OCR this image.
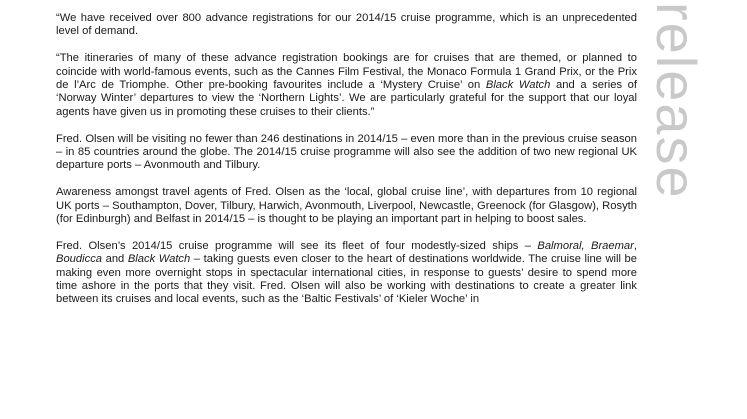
release

“We have received over 800 advance registrations for our 2014/15 cruise programme, which is an unprecedented level of demand.

“The itineraries of many of these advance registration bookings are for cruises that are themed, or planned to coincide with world-famous events, such as the Cannes Film Festival, the Monaco Formula 1 Grand Prix, or the Prix de l’Arc de Triomphe. Other pre-booking favourites include a ‘Mystery Cruise’ on Black Watch and a series of ‘Norway Winter’ departures to view the ‘Northern Lights’. We are particularly grateful for the support that our loyal agents have given us in promoting these cruises to their clients.”

Fred. Olsen will be visiting no fewer than 246 destinations in 2014/15 – even more than in the previous cruise season – in 85 countries around the globe. The 2014/15 cruise programme will also see the addition of two new regional UK departure ports – Avonmouth and Tilbury.

Awareness amongst travel agents of Fred. Olsen as the ‘local, global cruise line’, with departures from 10 regional UK ports – Southampton, Dover, Tilbury, Harwich, Avonmouth, Liverpool, Newcastle, Greenock (for Glasgow), Rosyth (for Edinburgh) and Belfast in 2014/15 – is thought to be playing an important part in helping to boost sales.

Fred. Olsen’s 2014/15 cruise programme will see its fleet of four modestly-sized ships – Balmoral, Braemar, Boudicca and Black Watch – taking guests even closer to the heart of destinations worldwide. The cruise line will be making even more overnight stops in spectacular international cities, in response to guests’ desire to spend more time ashore in the ports that they visit. Fred. Olsen will also be working with destinations to create a greater link between its cruises and local events, such as the ‘Baltic Festivals’ of ‘Kieler Woche’ in
